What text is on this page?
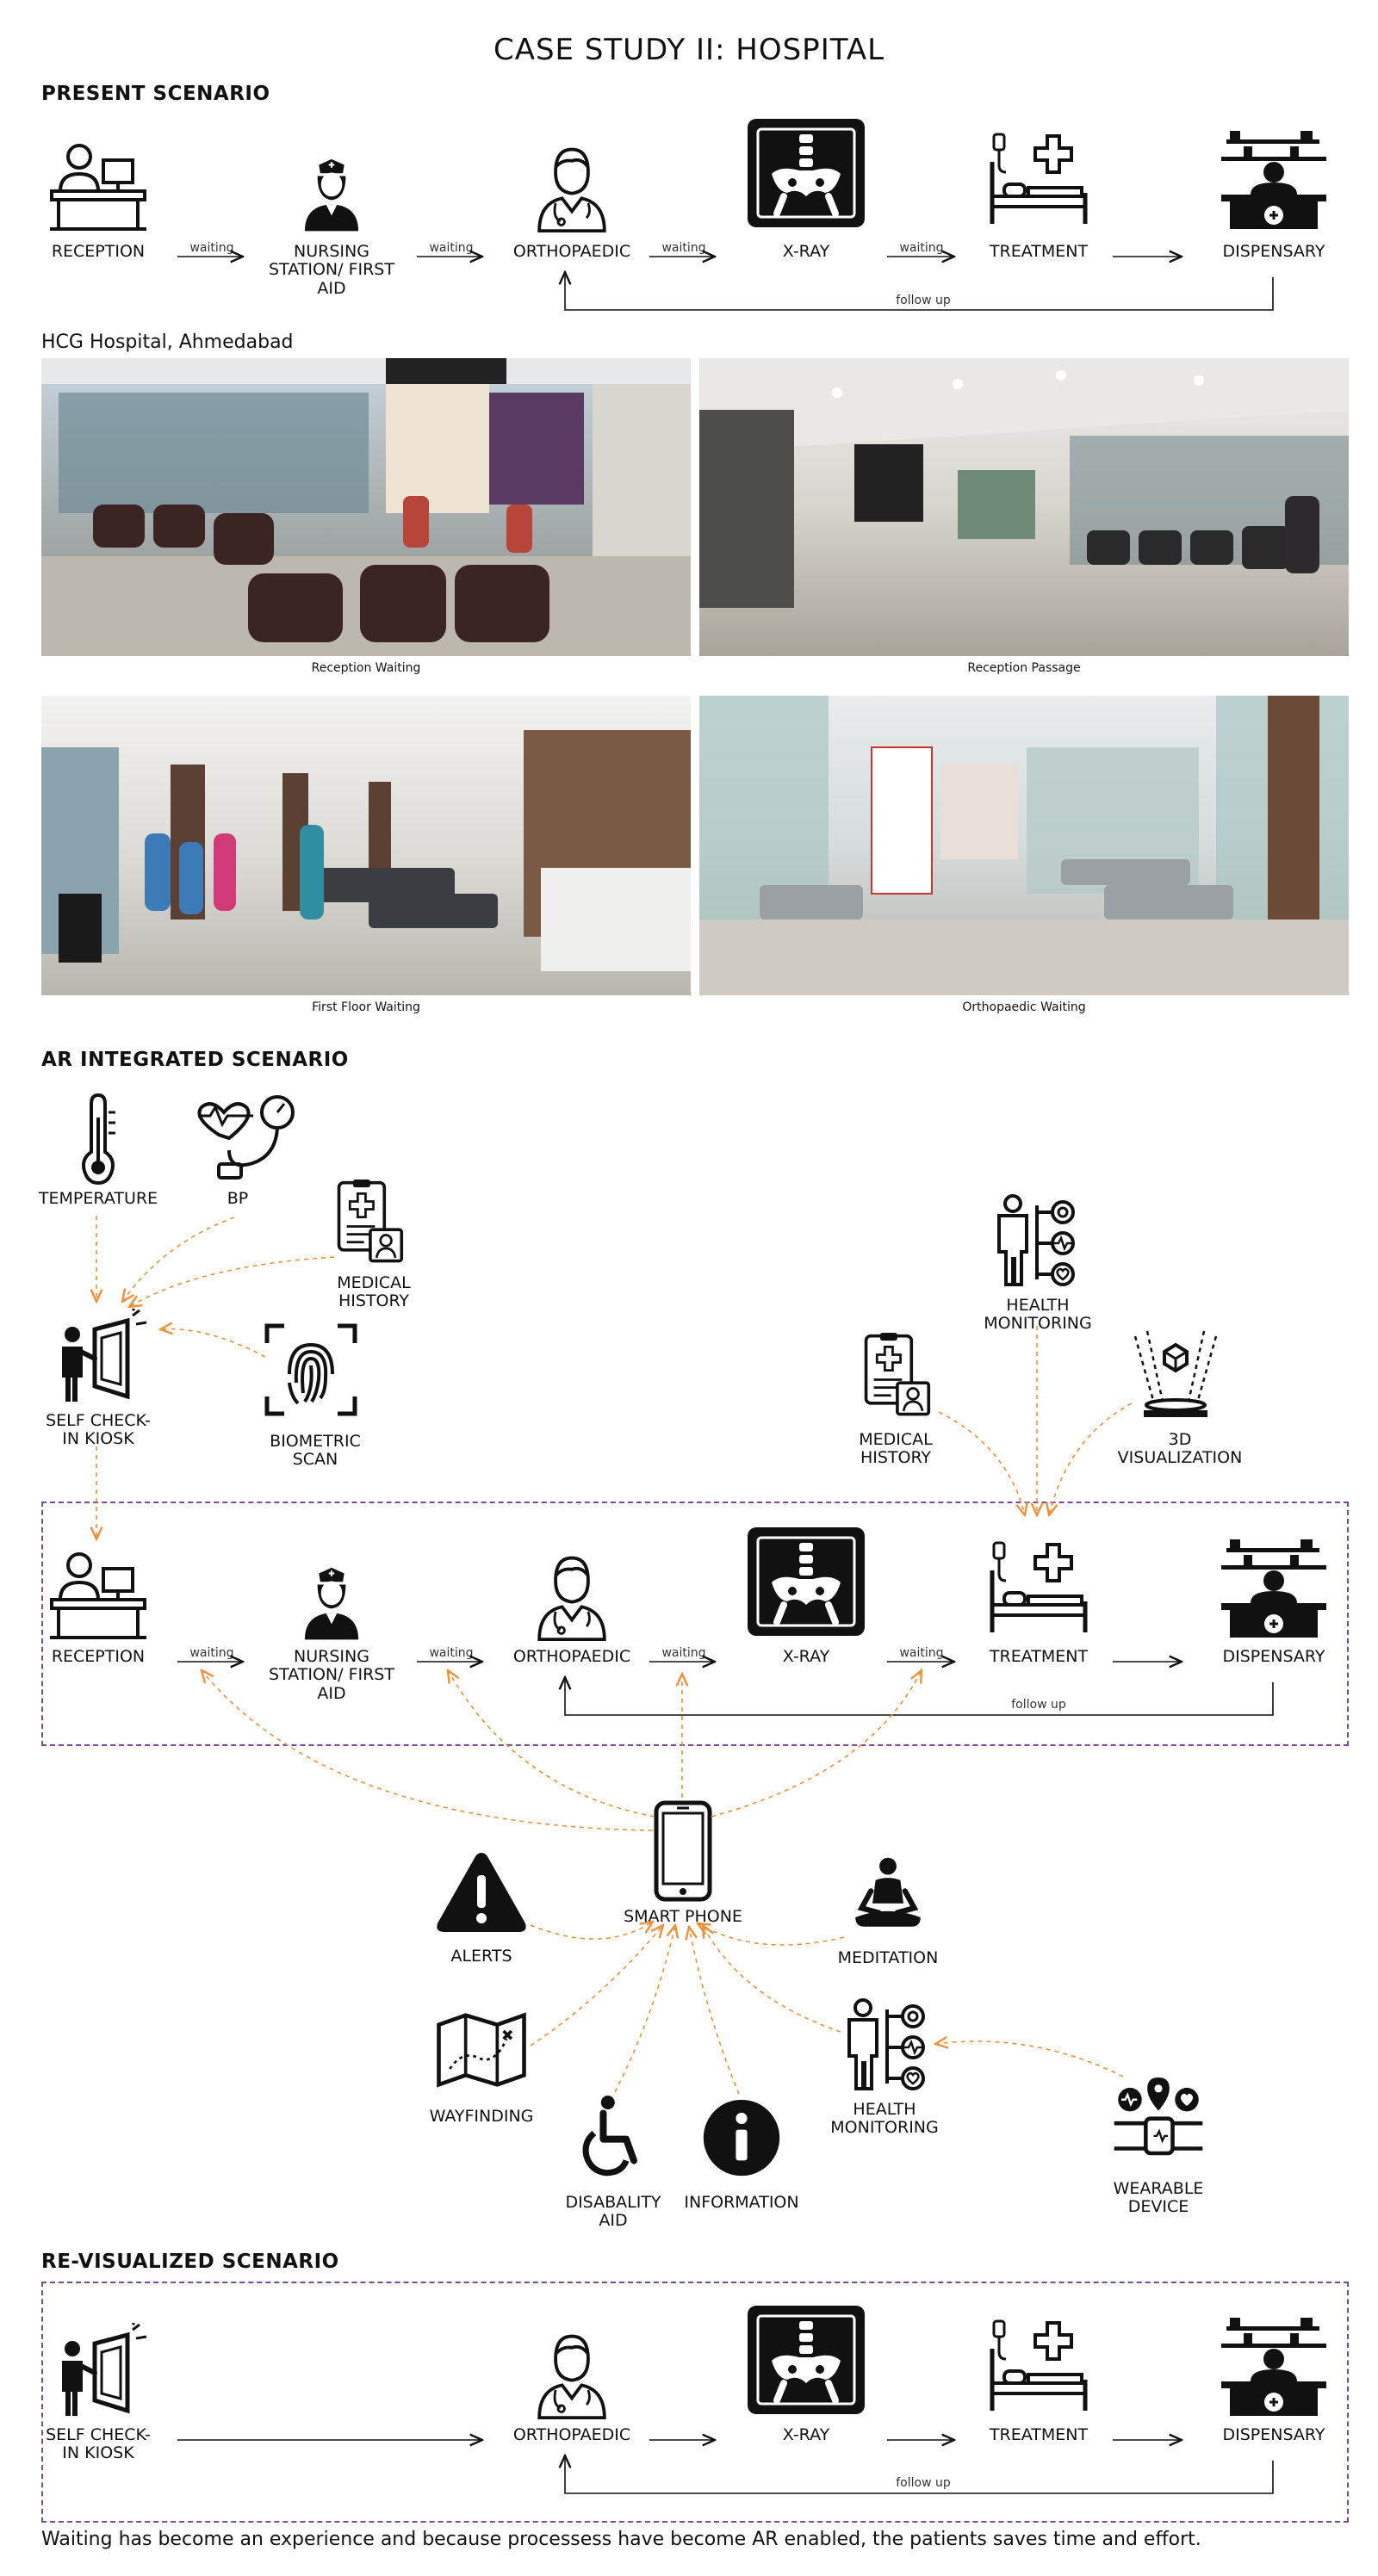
CASE STUDY II: HOSPITAL
PRESENT SCENARIO
RECEPTION	NURSING
STATION/ FIRST
AID
ORTHOPAEDIC	X-RAY	TREATMENT	DISPENSARY
waiting	waiting	waiting	waiting
follow up
HCG Hospital, Ahmedabad
Reception Waiting	Reception Passage
First Floor Waiting	Orthopaedic Waiting
AR INTEGRATED SCENARIO
TEMPERATURE	BP
MEDICAL
HISTORY
SELF CHECK-
IN KIOSK	BIOMETRIC
SCAN
HEALTH
MONITORING
MEDICAL
HISTORY
3D
VISUALIZATION
RECEPTION	NURSING
STATION/ FIRST
AID
ORTHOPAEDIC	X-RAY	TREATMENT	DISPENSARY
waiting	waiting	waiting	waiting
follow up
SMART PHONE
ALERTS	MEDITATION
WAYFINDING
DISABALITY
AID
INFORMATION
HEALTH
MONITORING
WEARABLE
DEVICE
RE-VISUALIZED SCENARIO
SELF CHECK-
IN KIOSK
ORTHOPAEDIC	X-RAY	TREATMENT	DISPENSARY
follow up
Waiting has become an experience and because processess have become AR enabled, the patients saves time and effort.
